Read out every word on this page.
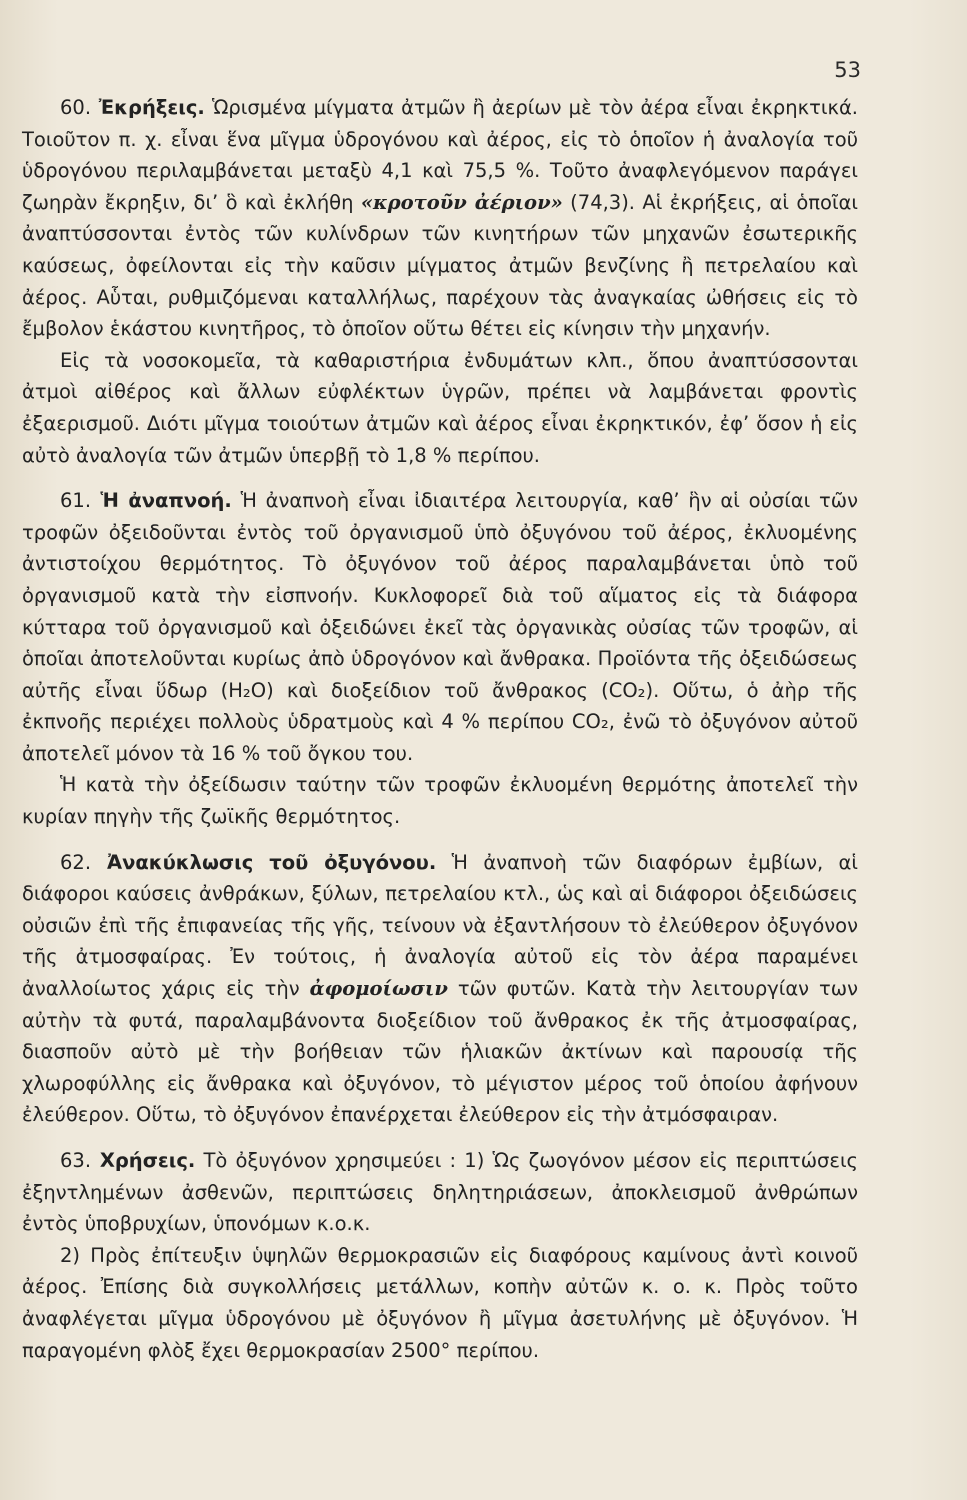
53

60. Ἐκρήξεις. Ὡρισμένα μίγματα ἀτμῶν ἢ ἀερίων μὲ τὸν ἀέρα εἶναι ἐκρηκτικά. Τοιοῦτον π. χ. εἶναι ἕνα μῖγμα ὑδρογόνου καὶ ἀέρος, εἰς τὸ ὁποῖον ἡ ἀναλογία τοῦ ὑδρογόνου περιλαμβάνεται μεταξὺ 4,1 καὶ 75,5 %. Τοῦτο ἀναφλεγόμενον παράγει ζωηρὰν ἔκρηξιν, δι’ ὃ καὶ ἐκλήθη «κροτοῦν ἀέριον» (74,3). Αἱ ἐκρήξεις, αἱ ὁποῖαι ἀναπτύσσονται ἐντὸς τῶν κυλίνδρων τῶν κινητήρων τῶν μηχανῶν ἐσωτερικῆς καύσεως, ὀφείλονται εἰς τὴν καῦσιν μίγματος ἀτμῶν βενζίνης ἢ πετρελαίου καὶ ἀέρος. Αὗται, ρυθμιζόμεναι καταλλήλως, παρέχουν τὰς ἀναγκαίας ὠθήσεις εἰς τὸ ἔμβολον ἑκάστου κινητῆρος, τὸ ὁποῖον οὕτω θέτει εἰς κίνησιν τὴν μηχανήν.

Εἰς τὰ νοσοκομεῖα, τὰ καθαριστήρια ἐνδυμάτων κλπ., ὅπου ἀναπτύσσονται ἀτμοὶ αἰθέρος καὶ ἄλλων εὐφλέκτων ὑγρῶν, πρέπει νὰ λαμβάνεται φροντὶς ἐξαερισμοῦ. Διότι μῖγμα τοιούτων ἀτμῶν καὶ ἀέρος εἶναι ἐκρηκτικόν, ἐφ’ ὅσον ἡ εἰς αὐτὸ ἀναλογία τῶν ἀτμῶν ὑπερβῇ τὸ 1,8 % περίπου.

61. Ἡ ἀναπνοή. Ἡ ἀναπνοὴ εἶναι ἰδιαιτέρα λειτουργία, καθ’ ἣν αἱ οὐσίαι τῶν τροφῶν ὀξειδοῦνται ἐντὸς τοῦ ὀργανισμοῦ ὑπὸ ὀξυγόνου τοῦ ἀέρος, ἐκλυομένης ἀντιστοίχου θερμότητος. Τὸ ὀξυγόνον τοῦ ἀέρος παραλαμβάνεται ὑπὸ τοῦ ὀργανισμοῦ κατὰ τὴν εἰσπνοήν. Κυκλοφορεῖ διὰ τοῦ αἵματος εἰς τὰ διάφορα κύτταρα τοῦ ὀργανισμοῦ καὶ ὀξειδώνει ἐκεῖ τὰς ὀργανικὰς οὐσίας τῶν τροφῶν, αἱ ὁποῖαι ἀποτελοῦνται κυρίως ἀπὸ ὑδρογόνον καὶ ἄνθρακα. Προϊόντα τῆς ὀξειδώσεως αὐτῆς εἶναι ὕδωρ (H₂O) καὶ διοξείδιον τοῦ ἄνθρακος (CO₂). Οὕτω, ὁ ἀὴρ τῆς ἐκπνοῆς περιέχει πολλοὺς ὑδρατμοὺς καὶ 4 % περίπου CO₂, ἐνῶ τὸ ὀξυγόνον αὐτοῦ ἀποτελεῖ μόνον τὰ 16 % τοῦ ὄγκου του.

Ἡ κατὰ τὴν ὀξείδωσιν ταύτην τῶν τροφῶν ἐκλυομένη θερμότης ἀποτελεῖ τὴν κυρίαν πηγὴν τῆς ζωϊκῆς θερμότητος.

62. Ἀνακύκλωσις τοῦ ὀξυγόνου. Ἡ ἀναπνοὴ τῶν διαφόρων ἐμβίων, αἱ διάφοροι καύσεις ἀνθράκων, ξύλων, πετρελαίου κτλ., ὡς καὶ αἱ διάφοροι ὀξειδώσεις οὐσιῶν ἐπὶ τῆς ἐπιφανείας τῆς γῆς, τείνουν νὰ ἐξαντλήσουν τὸ ἐλεύθερον ὀξυγόνον τῆς ἀτμοσφαίρας. Ἐν τούτοις, ἡ ἀναλογία αὐτοῦ εἰς τὸν ἀέρα παραμένει ἀναλλοίωτος χάρις εἰς τὴν ἀφομοίωσιν τῶν φυτῶν. Κατὰ τὴν λειτουργίαν των αὐτὴν τὰ φυτά, παραλαμβάνοντα διοξείδιον τοῦ ἄνθρακος ἐκ τῆς ἀτμοσφαίρας, διασποῦν αὐτὸ μὲ τὴν βοήθειαν τῶν ἡλιακῶν ἀκτίνων καὶ παρουσίᾳ τῆς χλωροφύλλης εἰς ἄνθρακα καὶ ὀξυγόνον, τὸ μέγιστον μέρος τοῦ ὁποίου ἀφήνουν ἐλεύθερον. Οὕτω, τὸ ὀξυγόνον ἐπανέρχεται ἐλεύθερον εἰς τὴν ἀτμόσφαιραν.

63. Χρήσεις. Τὸ ὀξυγόνον χρησιμεύει : 1) Ὡς ζωογόνον μέσον εἰς περιπτώσεις ἐξηντλημένων ἀσθενῶν, περιπτώσεις δηλητηριάσεων, ἀποκλεισμοῦ ἀνθρώπων ἐντὸς ὑποβρυχίων, ὑπονόμων κ.ο.κ.

2) Πρὸς ἐπίτευξιν ὑψηλῶν θερμοκρασιῶν εἰς διαφόρους καμίνους ἀντὶ κοινοῦ ἀέρος. Ἐπίσης διὰ συγκολλήσεις μετάλλων, κοπὴν αὐτῶν κ. ο. κ. Πρὸς τοῦτο ἀναφλέγεται μῖγμα ὑδρογόνου μὲ ὀξυγόνον ἢ μῖγμα ἀσετυλήνης μὲ ὀξυγόνον. Ἡ παραγομένη φλὸξ ἔχει θερμοκρασίαν 2500° περίπου.
